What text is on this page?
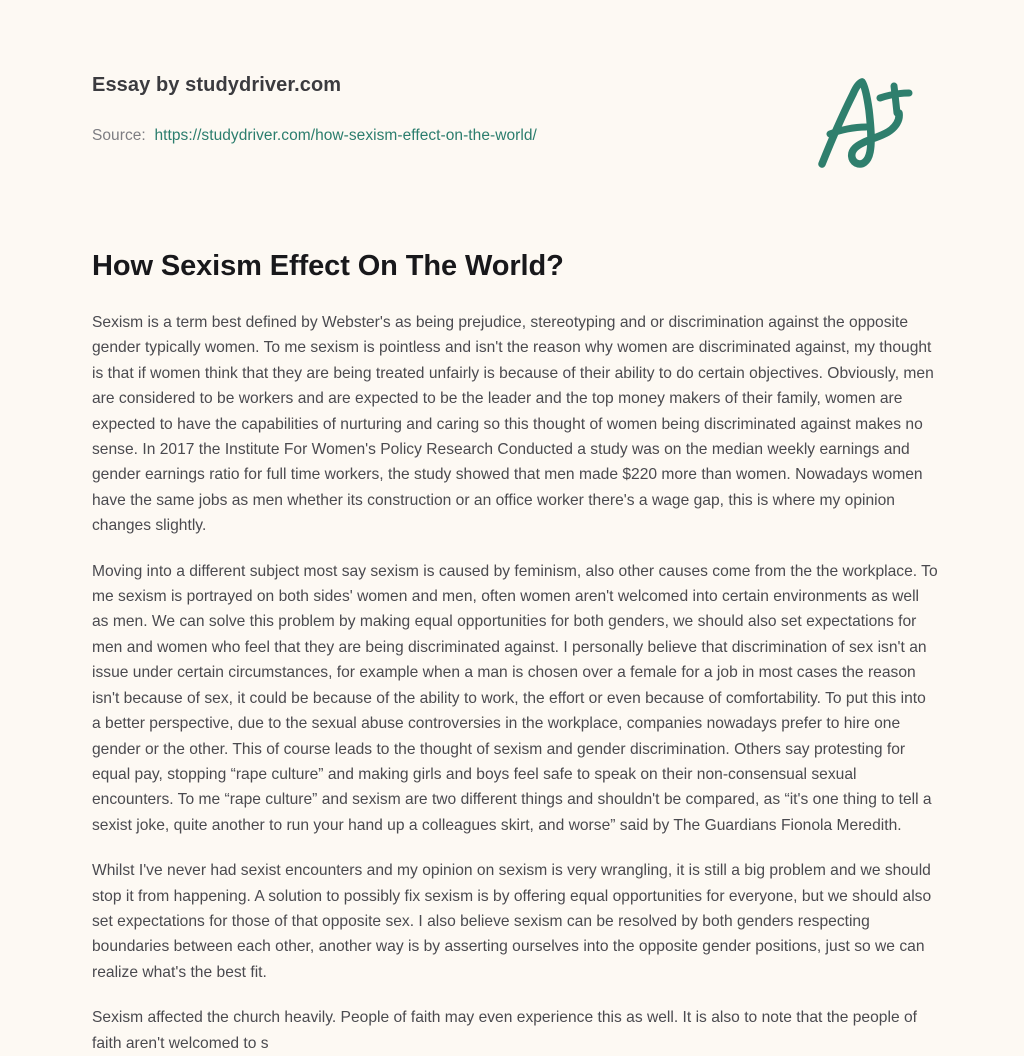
Essay by studydriver.com
Source: https://studydriver.com/how-sexism-effect-on-the-world/
How Sexism Effect On The World?

Sexism is a term best defined by Webster's as being prejudice, stereotyping and or discrimination against the opposite gender typically women. To me sexism is pointless and isn't the reason why women are discriminated against, my thought is that if women think that they are being treated unfairly is because of their ability to do certain objectives. Obviously, men are considered to be workers and are expected to be the leader and the top money makers of their family, women are expected to have the capabilities of nurturing and caring so this thought of women being discriminated against makes no sense. In 2017 the Institute For Women's Policy Research Conducted a study was on the median weekly earnings and gender earnings ratio for full time workers, the study showed that men made $220 more than women. Nowadays women have the same jobs as men whether its construction or an office worker there's a wage gap, this is where my opinion changes slightly.

Moving into a different subject most say sexism is caused by feminism, also other causes come from the the workplace. To me sexism is portrayed on both sides' women and men, often women aren't welcomed into certain environments as well as men. We can solve this problem by making equal opportunities for both genders, we should also set expectations for men and women who feel that they are being discriminated against. I personally believe that discrimination of sex isn't an issue under certain circumstances, for example when a man is chosen over a female for a job in most cases the reason isn't because of sex, it could be because of the ability to work, the effort or even because of comfortability. To put this into a better perspective, due to the sexual abuse controversies in the workplace, companies nowadays prefer to hire one gender or the other. This of course leads to the thought of sexism and gender discrimination. Others say protesting for equal pay, stopping “rape culture” and making girls and boys feel safe to speak on their non-consensual sexual encounters. To me “rape culture” and sexism are two different things and shouldn't be compared, as “it's one thing to tell a sexist joke, quite another to run your hand up a colleagues skirt, and worse” said by The Guardians Fionola Meredith.

Whilst I've never had sexist encounters and my opinion on sexism is very wrangling, it is still a big problem and we should stop it from happening. A solution to possibly fix sexism is by offering equal opportunities for everyone, but we should also set expectations for those of that opposite sex. I also believe sexism can be resolved by both genders respecting boundaries between each other, another way is by asserting ourselves into the opposite gender positions, just so we can realize what's the best fit.

Sexism affected the church heavily. People of faith may even experience this as well. It is also to note that the people of faith aren't welcomed to s
